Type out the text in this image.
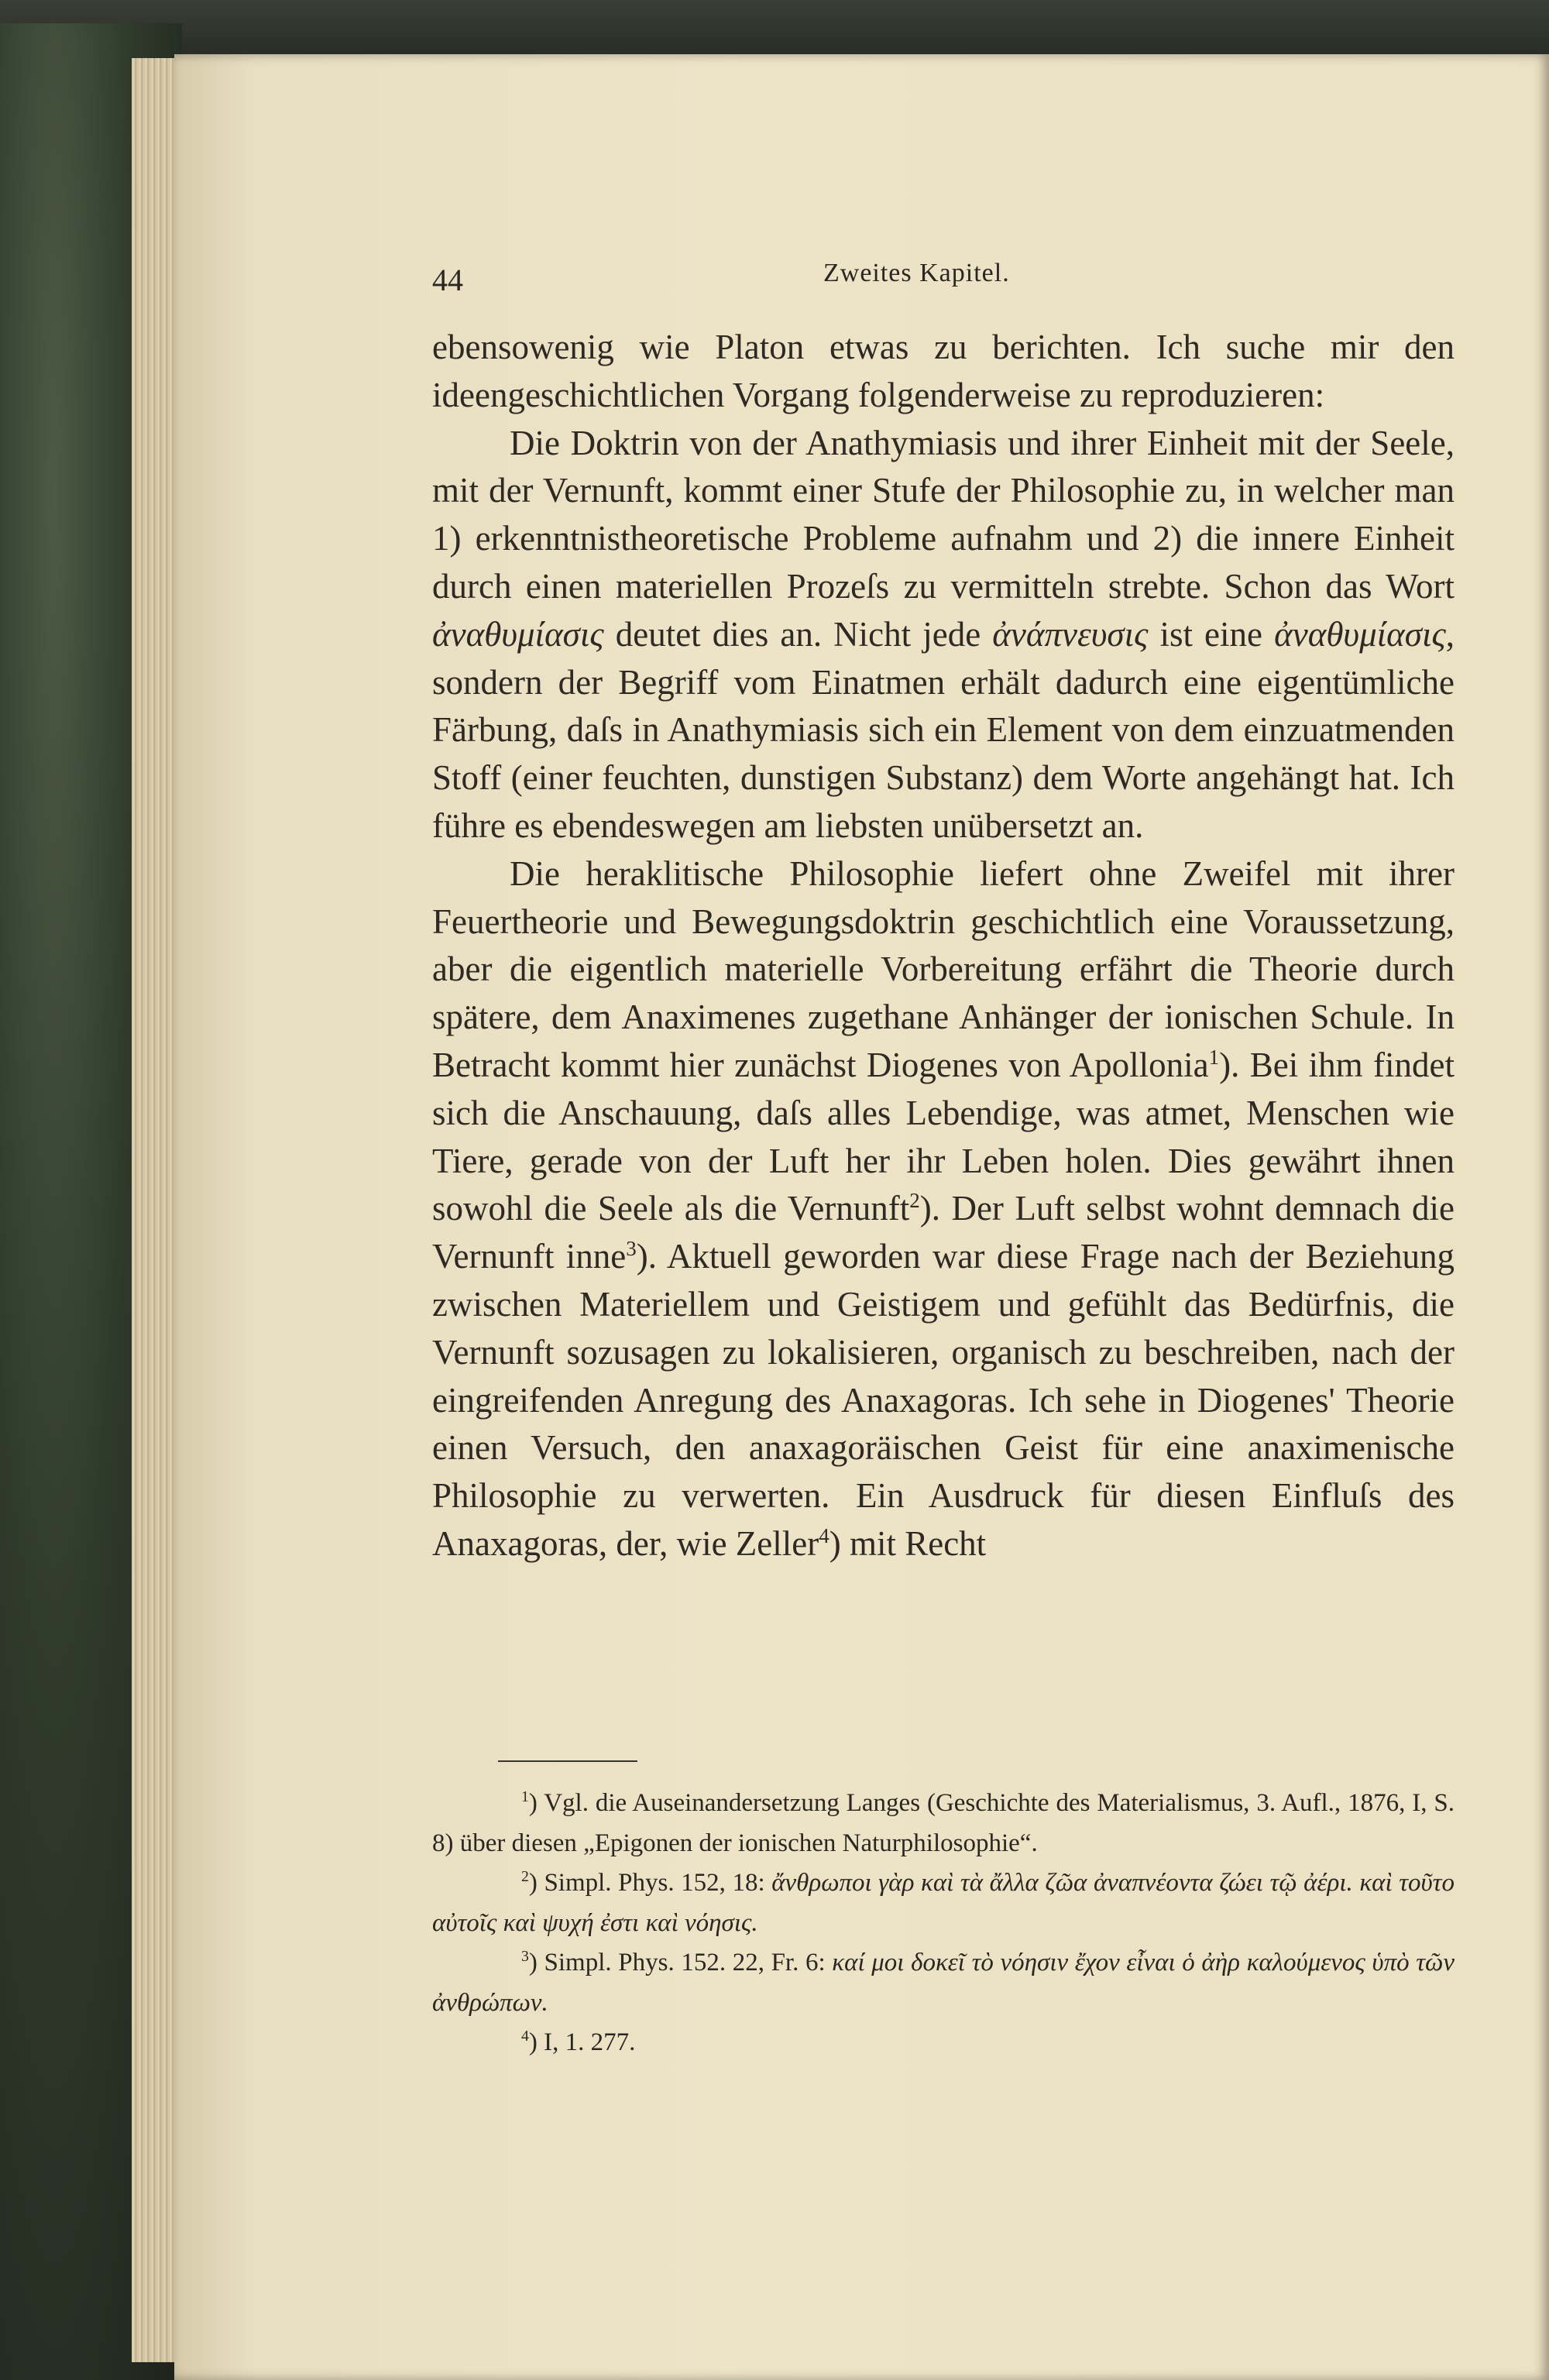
44	Zweites Kapitel.

ebensowenig wie Platon etwas zu berichten. Ich suche mir den ideengeschichtlichen Vorgang folgenderweise zu reproduzieren:

Die Doktrin von der Anathymiasis und ihrer Einheit mit der Seele, mit der Vernunft, kommt einer Stufe der Philosophie zu, in welcher man 1) erkenntnistheoretische Probleme aufnahm und 2) die innere Einheit durch einen materiellen Prozeſs zu vermitteln strebte. Schon das Wort ἀναθυμίασις deutet dies an. Nicht jede ἀνάπνευσις ist eine ἀναθυμίασις, sondern der Begriff vom Einatmen erhält dadurch eine eigentümliche Färbung, daſs in Anathymiasis sich ein Element von dem einzuatmenden Stoff (einer feuchten, dunstigen Substanz) dem Worte angehängt hat. Ich führe es ebendeswegen am liebsten unübersetzt an.

Die heraklitische Philosophie liefert ohne Zweifel mit ihrer Feuertheorie und Bewegungsdoktrin geschichtlich eine Voraussetzung, aber die eigentlich materielle Vorbereitung erfährt die Theorie durch spätere, dem Anaximenes zugethane Anhänger der ionischen Schule. In Betracht kommt hier zunächst Diogenes von Apollonia$^1$). Bei ihm findet sich die Anschauung, daſs alles Lebendige, was atmet, Menschen wie Tiere, gerade von der Luft her ihr Leben holen. Dies gewährt ihnen sowohl die Seele als die Vernunft$^2$). Der Luft selbst wohnt demnach die Vernunft inne$^3$). Aktuell geworden war diese Frage nach der Beziehung zwischen Materiellem und Geistigem und gefühlt das Bedürfnis, die Vernunft sozusagen zu lokalisieren, organisch zu beschreiben, nach der eingreifenden Anregung des Anaxagoras. Ich sehe in Diogenes' Theorie einen Versuch, den anaxagoräischen Geist für eine anaximenische Philosophie zu verwerten. Ein Ausdruck für diesen Einfluſs des Anaxagoras, der, wie Zeller$^4$) mit Recht

$^1$) Vgl. die Auseinandersetzung Langes (Geschichte des Materialismus, 3. Aufl., 1876, I, S. 8) über diesen „Epigonen der ionischen Naturphilosophie“.

$^2$) Simpl. Phys. 152, 18: ἄνθρωποι γὰρ καὶ τὰ ἄλλα ζῶα ἀναπνέοντα ζώει τῷ ἀέρι. καὶ τοῦτο αὐτοῖς καὶ ψυχή ἐστι καὶ νόησις.

$^3$) Simpl. Phys. 152. 22, Fr. 6: καί μοι δοκεῖ τὸ νόησιν ἔχον εἶναι ὁ ἀὴρ καλούμενος ὑπὸ τῶν ἀνθρώπων.

$^4$) I, 1. 277.
